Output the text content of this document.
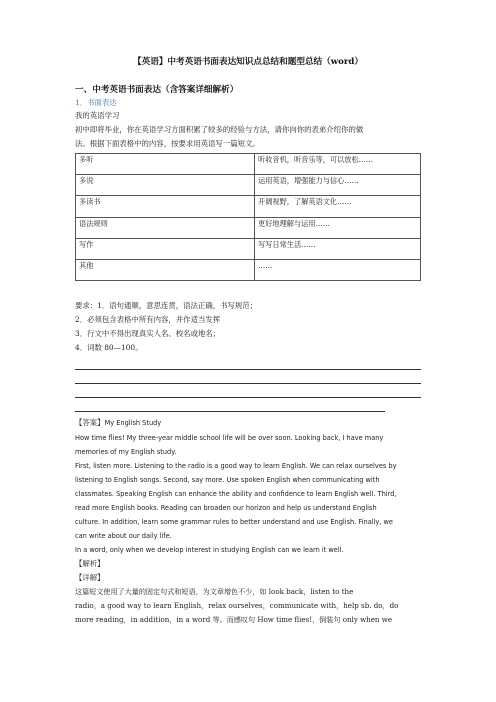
【英语】中考英语书面表达知识点总结和题型总结（word）
一、中考英语书面表达（含答案详细解析）
1．书面表达
我的英语学习
初中即将毕业，你在英语学习方面积累了较多的经验与方法，请你向你的表弟介绍你的做
法。根据下面表格中的内容，按要求用英语写一篇短文。
多听	听收音机，听音乐等，可以放松……
多说	运用英语，增强能力与信心……
多读书	开阔视野，了解英语文化……
语法规则	更好地理解与运用……
写作	写写日常生活……
其他	……
要求：1．语句通顺，意思连贯，语法正确，书写规范；
2．必须包含表格中所有内容，并作适当发挥
3．行文中不得出现真实人名、校名或地名；
4．词数 80—100。
【答案】My English Study
How time flies! My three-year middle school life will be over soon. Looking back, I have many
memories of my English study.
First, listen more. Listening to the radio is a good way to learn English. We can relax ourselves by
listening to English songs. Second, say more. Use spoken English when communicating with
classmates. Speaking English can enhance the ability and confidence to learn English well. Third,
read more English books. Reading can broaden our horizon and help us understand English
culture. In addition, learn some grammar rules to better understand and use English. Finally, we
can write about our daily life.
In a word, only when we develop interest in studying English can we learn it well.
【解析】
【详解】
这篇短文使用了大量的固定句式和短语，为文章增色不少，如 look back，listen to the
radio，a good way to learn English，relax ourselves，communicate with，help sb. do，do
more reading，in addition，in a word 等。而感叹句 How time flies!，倒装句 only when we
